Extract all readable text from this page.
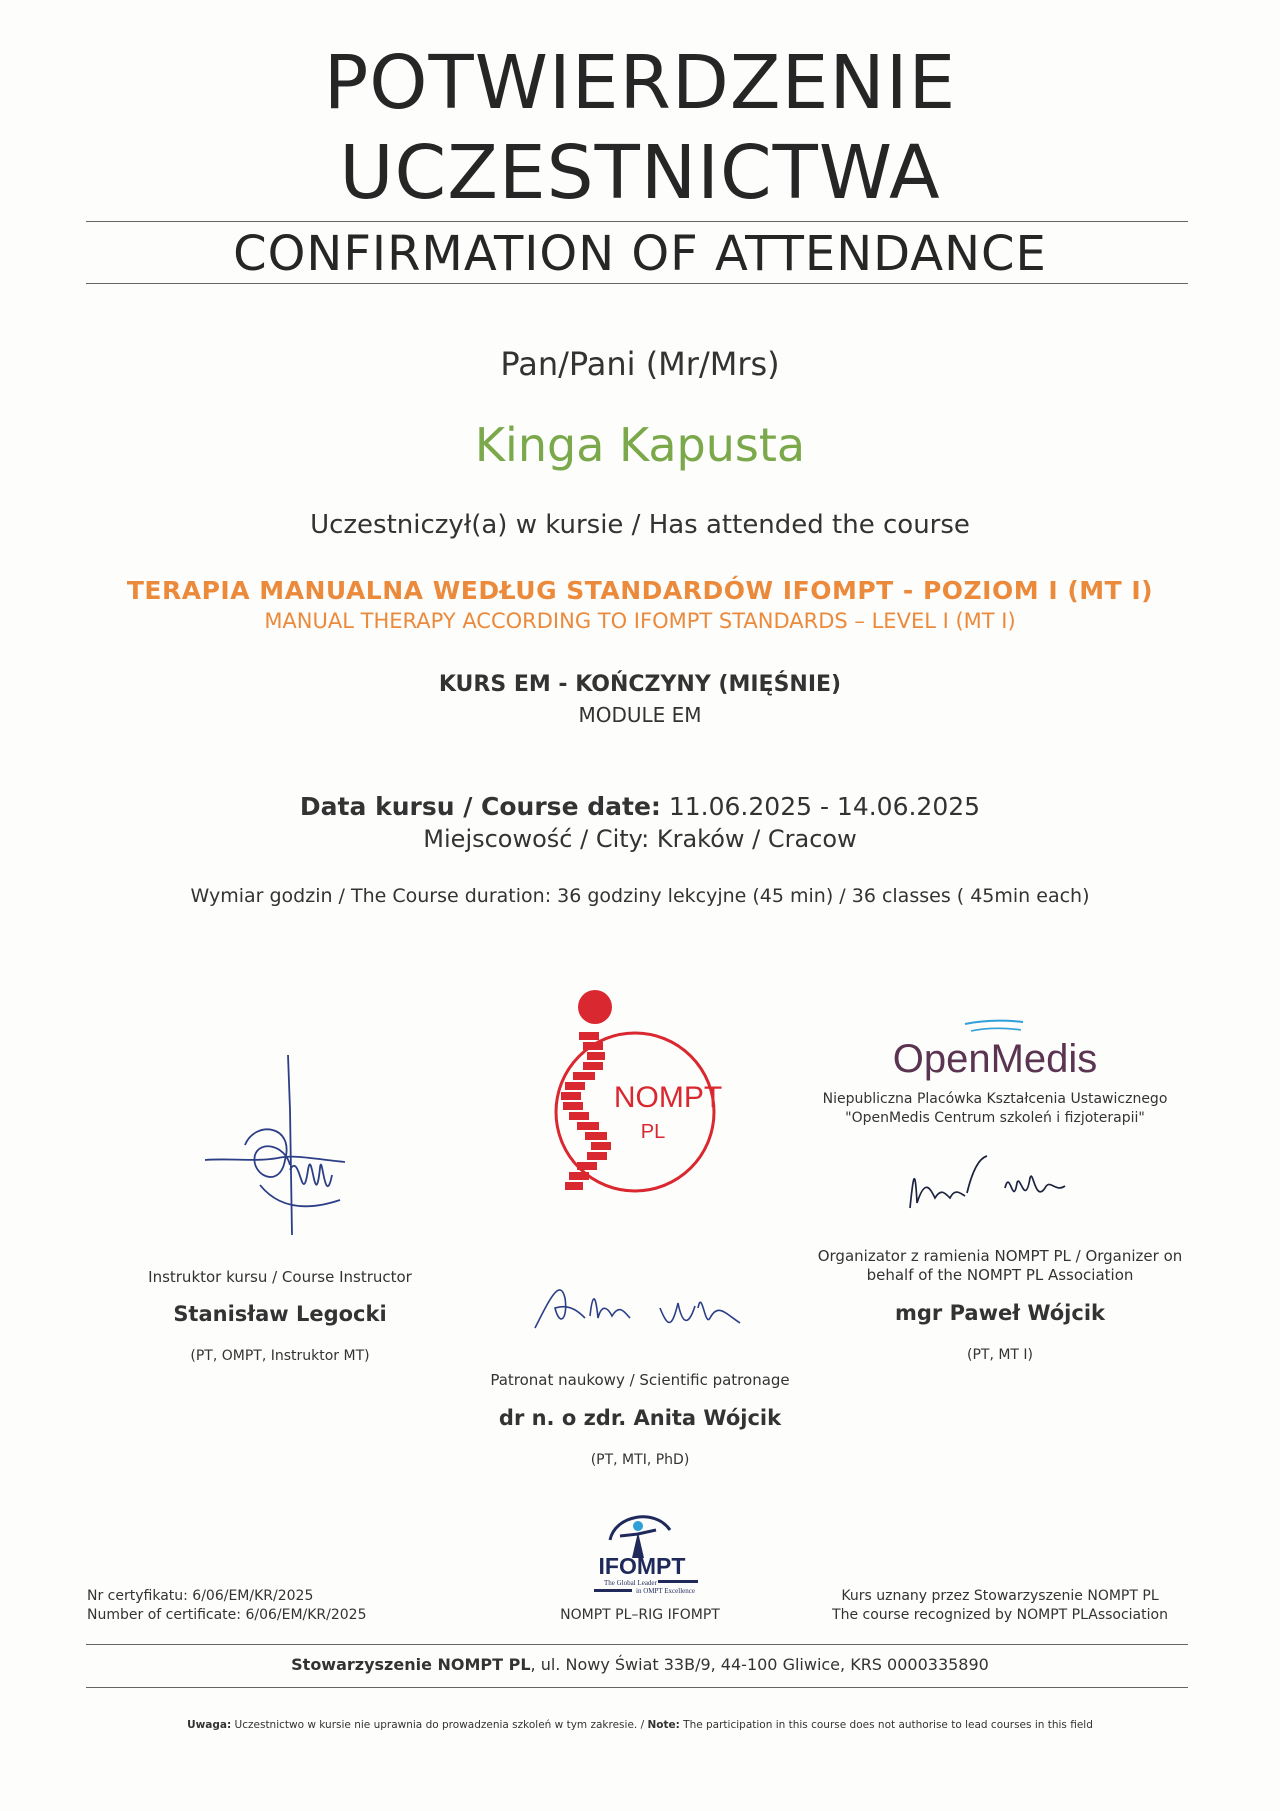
POTWIERDZENIE
UCZESTNICTWA
CONFIRMATION OF ATTENDANCE
Pan/Pani (Mr/Mrs)
Kinga Kapusta
Uczestniczył(a) w kursie / Has attended the course
TERAPIA MANUALNA WEDŁUG STANDARDÓW IFOMPT - POZIOM I (MT I)
MANUAL THERAPY ACCORDING TO IFOMPT STANDARDS – LEVEL I (MT I)
KURS EM - KOŃCZYNY (MIĘŚNIE)
MODULE EM
Data kursu / Course date: 11.06.2025 - 14.06.2025
Miejscowość / City: Kraków / Cracow
Wymiar godzin / The Course duration: 36 godziny lekcyjne (45 min) / 36 classes ( 45min each)
Instruktor kursu / Course Instructor
Stanisław Legocki
(PT, OMPT, Instruktor MT)
NOMPT
PL
Patronat naukowy / Scientific patronage
dr n. o zdr. Anita Wójcik
(PT, MTI, PhD)
OpenMedis
Niepubliczna Placówka Kształcenia Ustawicznego
"OpenMedis Centrum szkoleń i fizjoterapii"
Organizator z ramienia NOMPT PL / Organizer on
behalf of the NOMPT PL Association
mgr Paweł Wójcik
(PT, MT I)
Nr certyfikatu: 6/06/EM/KR/2025
Number of certificate: 6/06/EM/KR/2025
IFOMPT
The Global Leader
in OMPT Excellence
NOMPT PL–RIG IFOMPT
Kurs uznany przez Stowarzyszenie NOMPT PL
The course recognized by NOMPT PLAssociation
Stowarzyszenie NOMPT PL, ul. Nowy Świat 33B/9, 44-100 Gliwice, KRS 0000335890
Uwaga: Uczestnictwo w kursie nie uprawnia do prowadzenia szkoleń w tym zakresie. / Note: The participation in this course does not authorise to lead courses in this field
